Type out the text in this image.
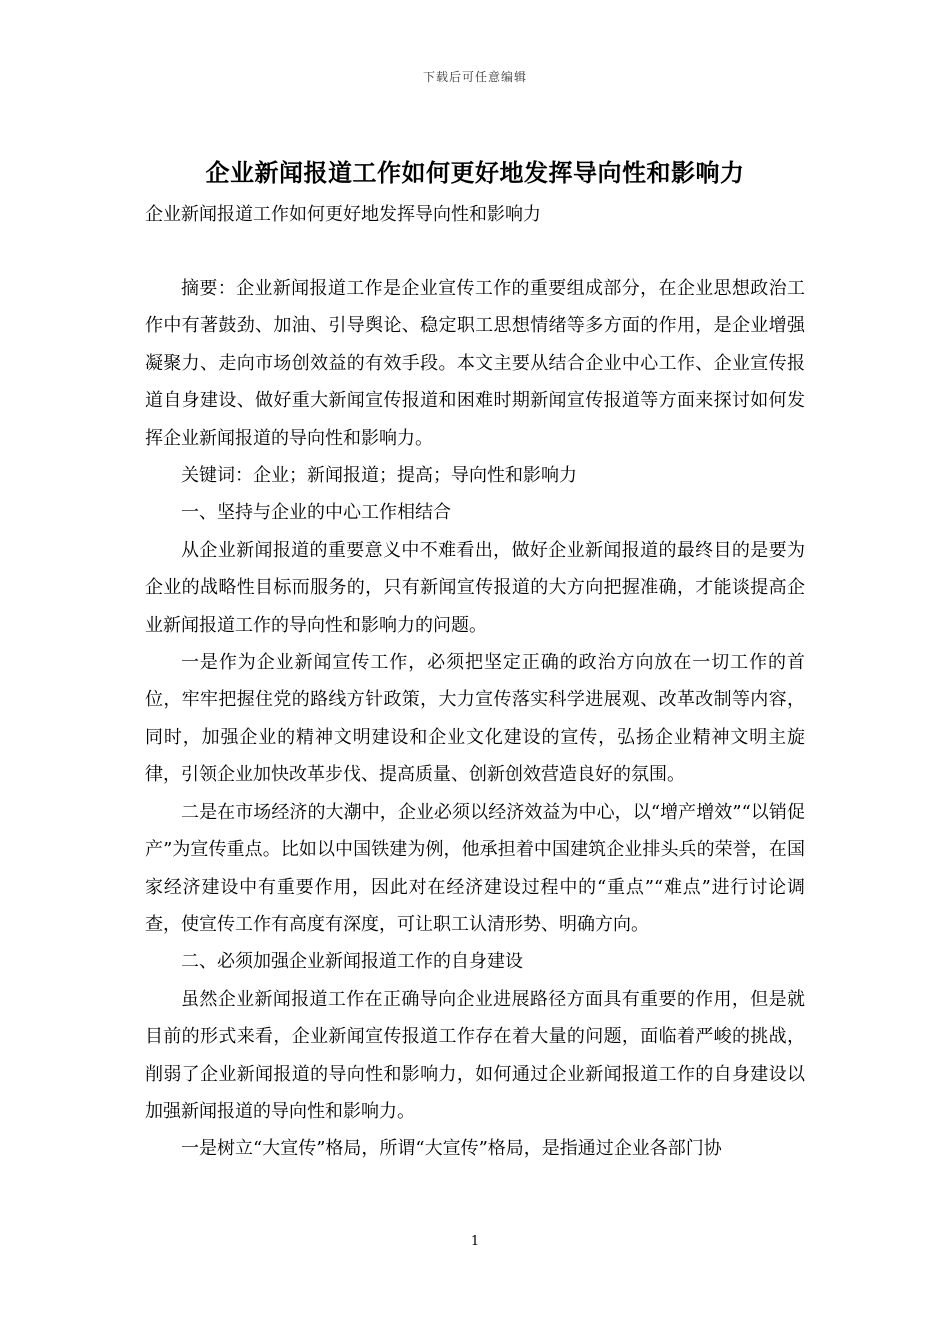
下载后可任意编辑
企业新闻报道工作如何更好地发挥导向性和影响力
企业新闻报道工作如何更好地发挥导向性和影响力

摘要：企业新闻报道工作是企业宣传工作的重要组成部分，在企业思想政治工作中有著鼓劲、加油、引导舆论、稳定职工思想情绪等多方面的作用，是企业增强凝聚力、走向市场创效益的有效手段。本文主要从结合企业中心工作、企业宣传报道自身建设、做好重大新闻宣传报道和困难时期新闻宣传报道等方面来探讨如何发挥企业新闻报道的导向性和影响力。

关键词：企业；新闻报道；提高；导向性和影响力

一、坚持与企业的中心工作相结合

从企业新闻报道的重要意义中不难看出，做好企业新闻报道的最终目的是要为企业的战略性目标而服务的，只有新闻宣传报道的大方向把握准确，才能谈提高企业新闻报道工作的导向性和影响力的问题。

一是作为企业新闻宣传工作，必须把坚定正确的政治方向放在一切工作的首位，牢牢把握住党的路线方针政策，大力宣传落实科学进展观、改革改制等内容，同时，加强企业的精神文明建设和企业文化建设的宣传，弘扬企业精神文明主旋律，引领企业加快改革步伐、提高质量、创新创效营造良好的氛围。

二是在市场经济的大潮中，企业必须以经济效益为中心，以“增产增效”“以销促产”为宣传重点。比如以中国铁建为例，他承担着中国建筑企业排头兵的荣誉，在国家经济建设中有重要作用，因此对在经济建设过程中的“重点”“难点”进行讨论调查，使宣传工作有高度有深度，可让职工认清形势、明确方向。

二、必须加强企业新闻报道工作的自身建设

虽然企业新闻报道工作在正确导向企业进展路径方面具有重要的作用，但是就目前的形式来看，企业新闻宣传报道工作存在着大量的问题，面临着严峻的挑战，削弱了企业新闻报道的导向性和影响力，如何通过企业新闻报道工作的自身建设以加强新闻报道的导向性和影响力。

一是树立“大宣传”格局，所谓“大宣传”格局，是指通过企业各部门协

1
